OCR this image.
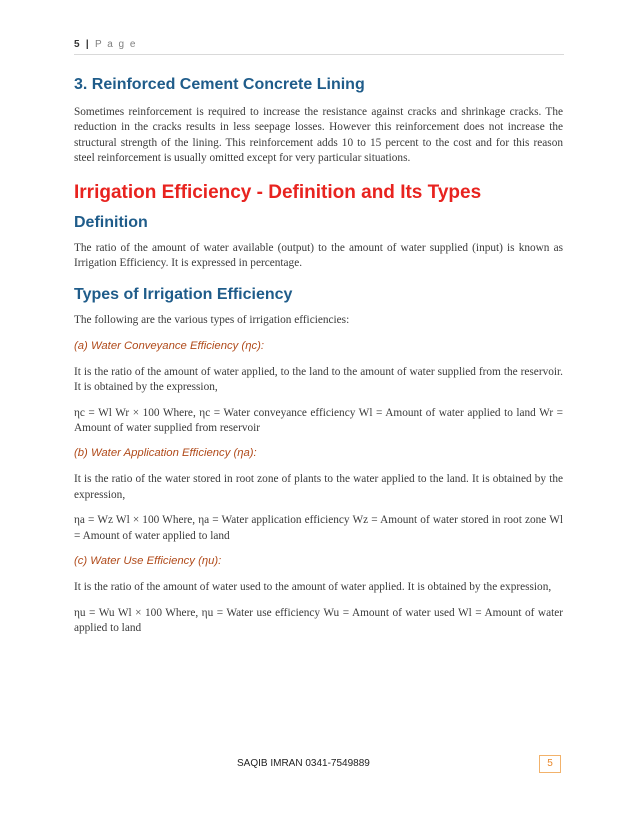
5 | P a g e
3. Reinforced Cement Concrete Lining

Sometimes reinforcement is required to increase the resistance against cracks and shrinkage cracks. The reduction in the cracks results in less seepage losses. However this reinforcement does not increase the structural strength of the lining. This reinforcement adds 10 to 15 percent to the cost and for this reason steel reinforcement is usually omitted except for very particular situations.

Irrigation Efficiency - Definition and Its Types
Definition

The ratio of the amount of water available (output) to the amount of water supplied (input) is known as Irrigation Efficiency. It is expressed in percentage.

Types of Irrigation Efficiency

The following are the various types of irrigation efficiencies:

(a) Water Conveyance Efficiency (ηc):

It is the ratio of the amount of water applied, to the land to the amount of water supplied from the reservoir. It is obtained by the expression,

ηc = Wl Wr × 100 Where, ηc = Water conveyance efficiency Wl = Amount of water applied to land Wr = Amount of water supplied from reservoir

(b) Water Application Efficiency (ηa):

It is the ratio of the water stored in root zone of plants to the water applied to the land. It is obtained by the expression,

ηa = Wz Wl × 100 Where, ηa = Water application efficiency Wz = Amount of water stored in root zone Wl = Amount of water applied to land

(c) Water Use Efficiency (ηu):

It is the ratio of the amount of water used to the amount of water applied. It is obtained by the expression,

ηu = Wu Wl × 100 Where, ηu = Water use efficiency Wu = Amount of water used Wl = Amount of water applied to land

SAQIB IMRAN 0341-7549889	5
